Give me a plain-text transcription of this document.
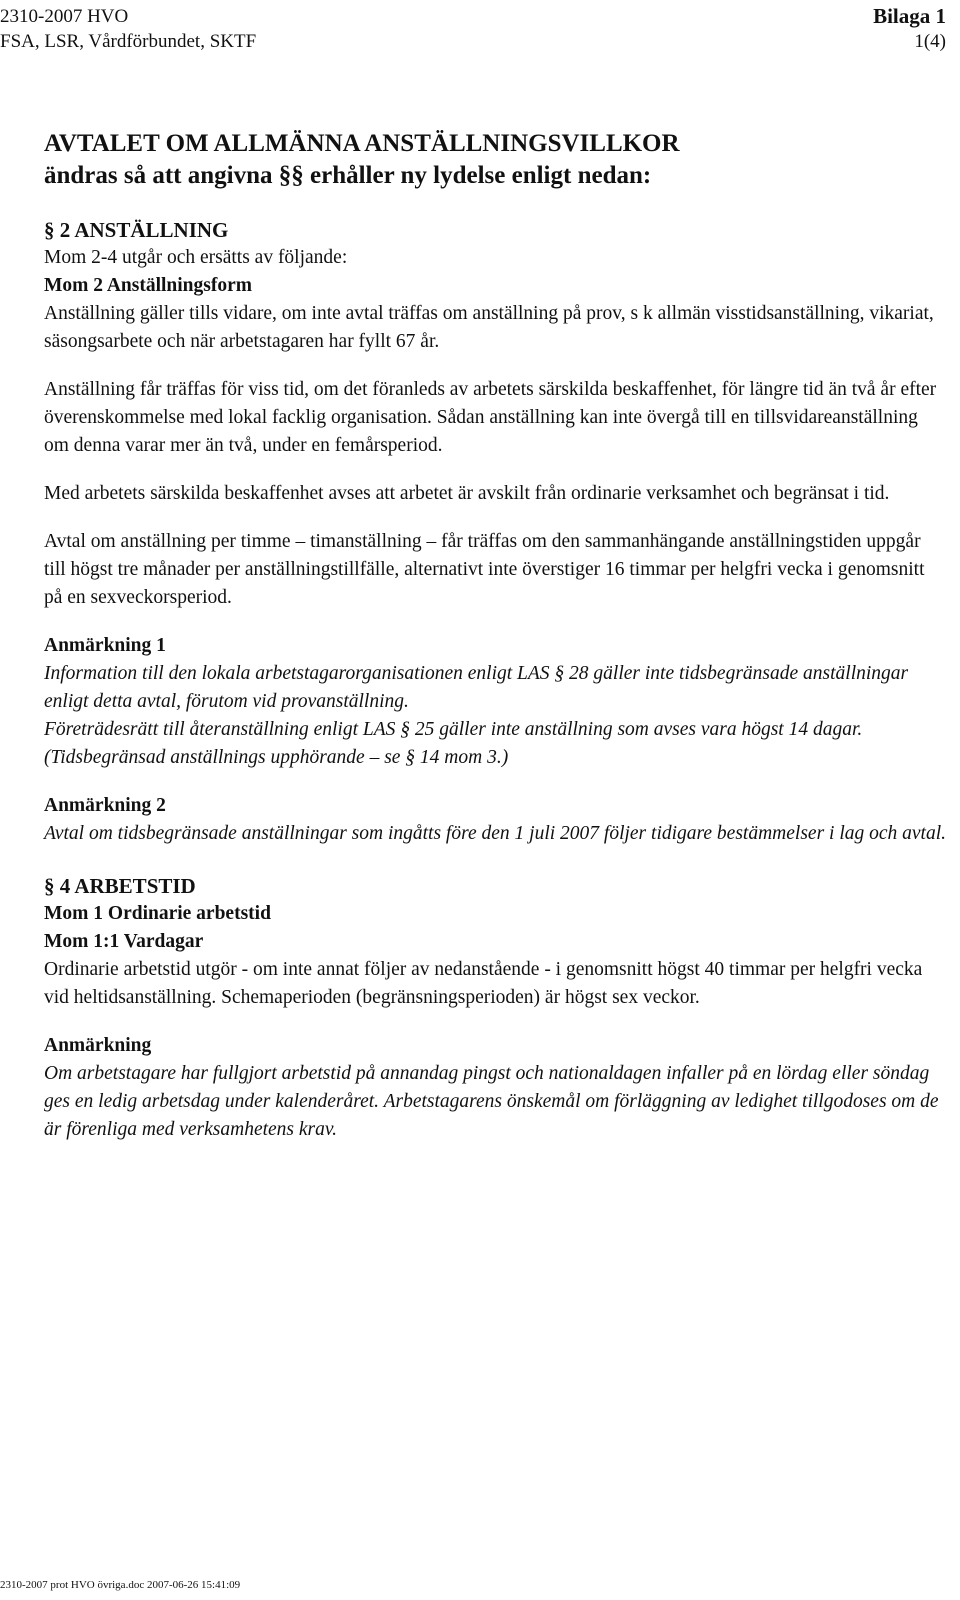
2310-2007 HVO
FSA, LSR, Vårdförbundet, SKTF
Bilaga 1
1(4)

AVTALET OM ALLMÄNNA ANSTÄLLNINGSVILLKOR

ändras så att angivna §§ erhåller ny lydelse enligt nedan:

§ 2 ANSTÄLLNING

Mom 2-4 utgår och ersätts av följande:

Mom 2 Anställningsform

Anställning gäller tills vidare, om inte avtal träffas om anställning på prov, s k allmän visstidsanställning, vikariat, säsongsarbete och när arbetstagaren har fyllt 67 år.

Anställning får träffas för viss tid, om det föranleds av arbetets särskilda beskaffenhet, för längre tid än två år efter överenskommelse med lokal facklig organisation. Sådan anställning kan inte övergå till en tillsvidareanställning om denna varar mer än två, under en femårsperiod.

Med arbetets särskilda beskaffenhet avses att arbetet är avskilt från ordinarie verksamhet och begränsat i tid.

Avtal om anställning per timme – timanställning – får träffas om den sammanhängande anställningstiden uppgår till högst tre månader per anställningstillfälle, alternativt inte överstiger 16 timmar per helgfri vecka i genomsnitt på en sexveckorsperiod.

Anmärkning 1

Information till den lokala arbetstagarorganisationen enligt LAS § 28 gäller inte tidsbegränsade anställningar enligt detta avtal, förutom vid provanställning.

Företrädesrätt till återanställning enligt LAS § 25 gäller inte anställning som avses vara högst 14 dagar.

(Tidsbegränsad anställnings upphörande – se § 14 mom 3.)

Anmärkning 2

Avtal om tidsbegränsade anställningar som ingåtts före den 1 juli 2007 följer tidigare bestämmelser i lag och avtal.

§ 4 ARBETSTID

Mom 1 Ordinarie arbetstid

Mom 1:1 Vardagar

Ordinarie arbetstid utgör - om inte annat följer av nedanstående - i genomsnitt högst 40 timmar per helgfri vecka vid heltidsanställning. Schemaperioden (begränsningsperioden) är högst sex veckor.

Anmärkning

Om arbetstagare har fullgjort arbetstid på annandag pingst och nationaldagen infaller på en lördag eller söndag ges en ledig arbetsdag under kalenderåret. Arbetstagarens önskemål om förläggning av ledighet tillgodoses om de är förenliga med verksamhetens krav.

2310-2007 prot HVO övriga.doc 2007-06-26 15:41:09
